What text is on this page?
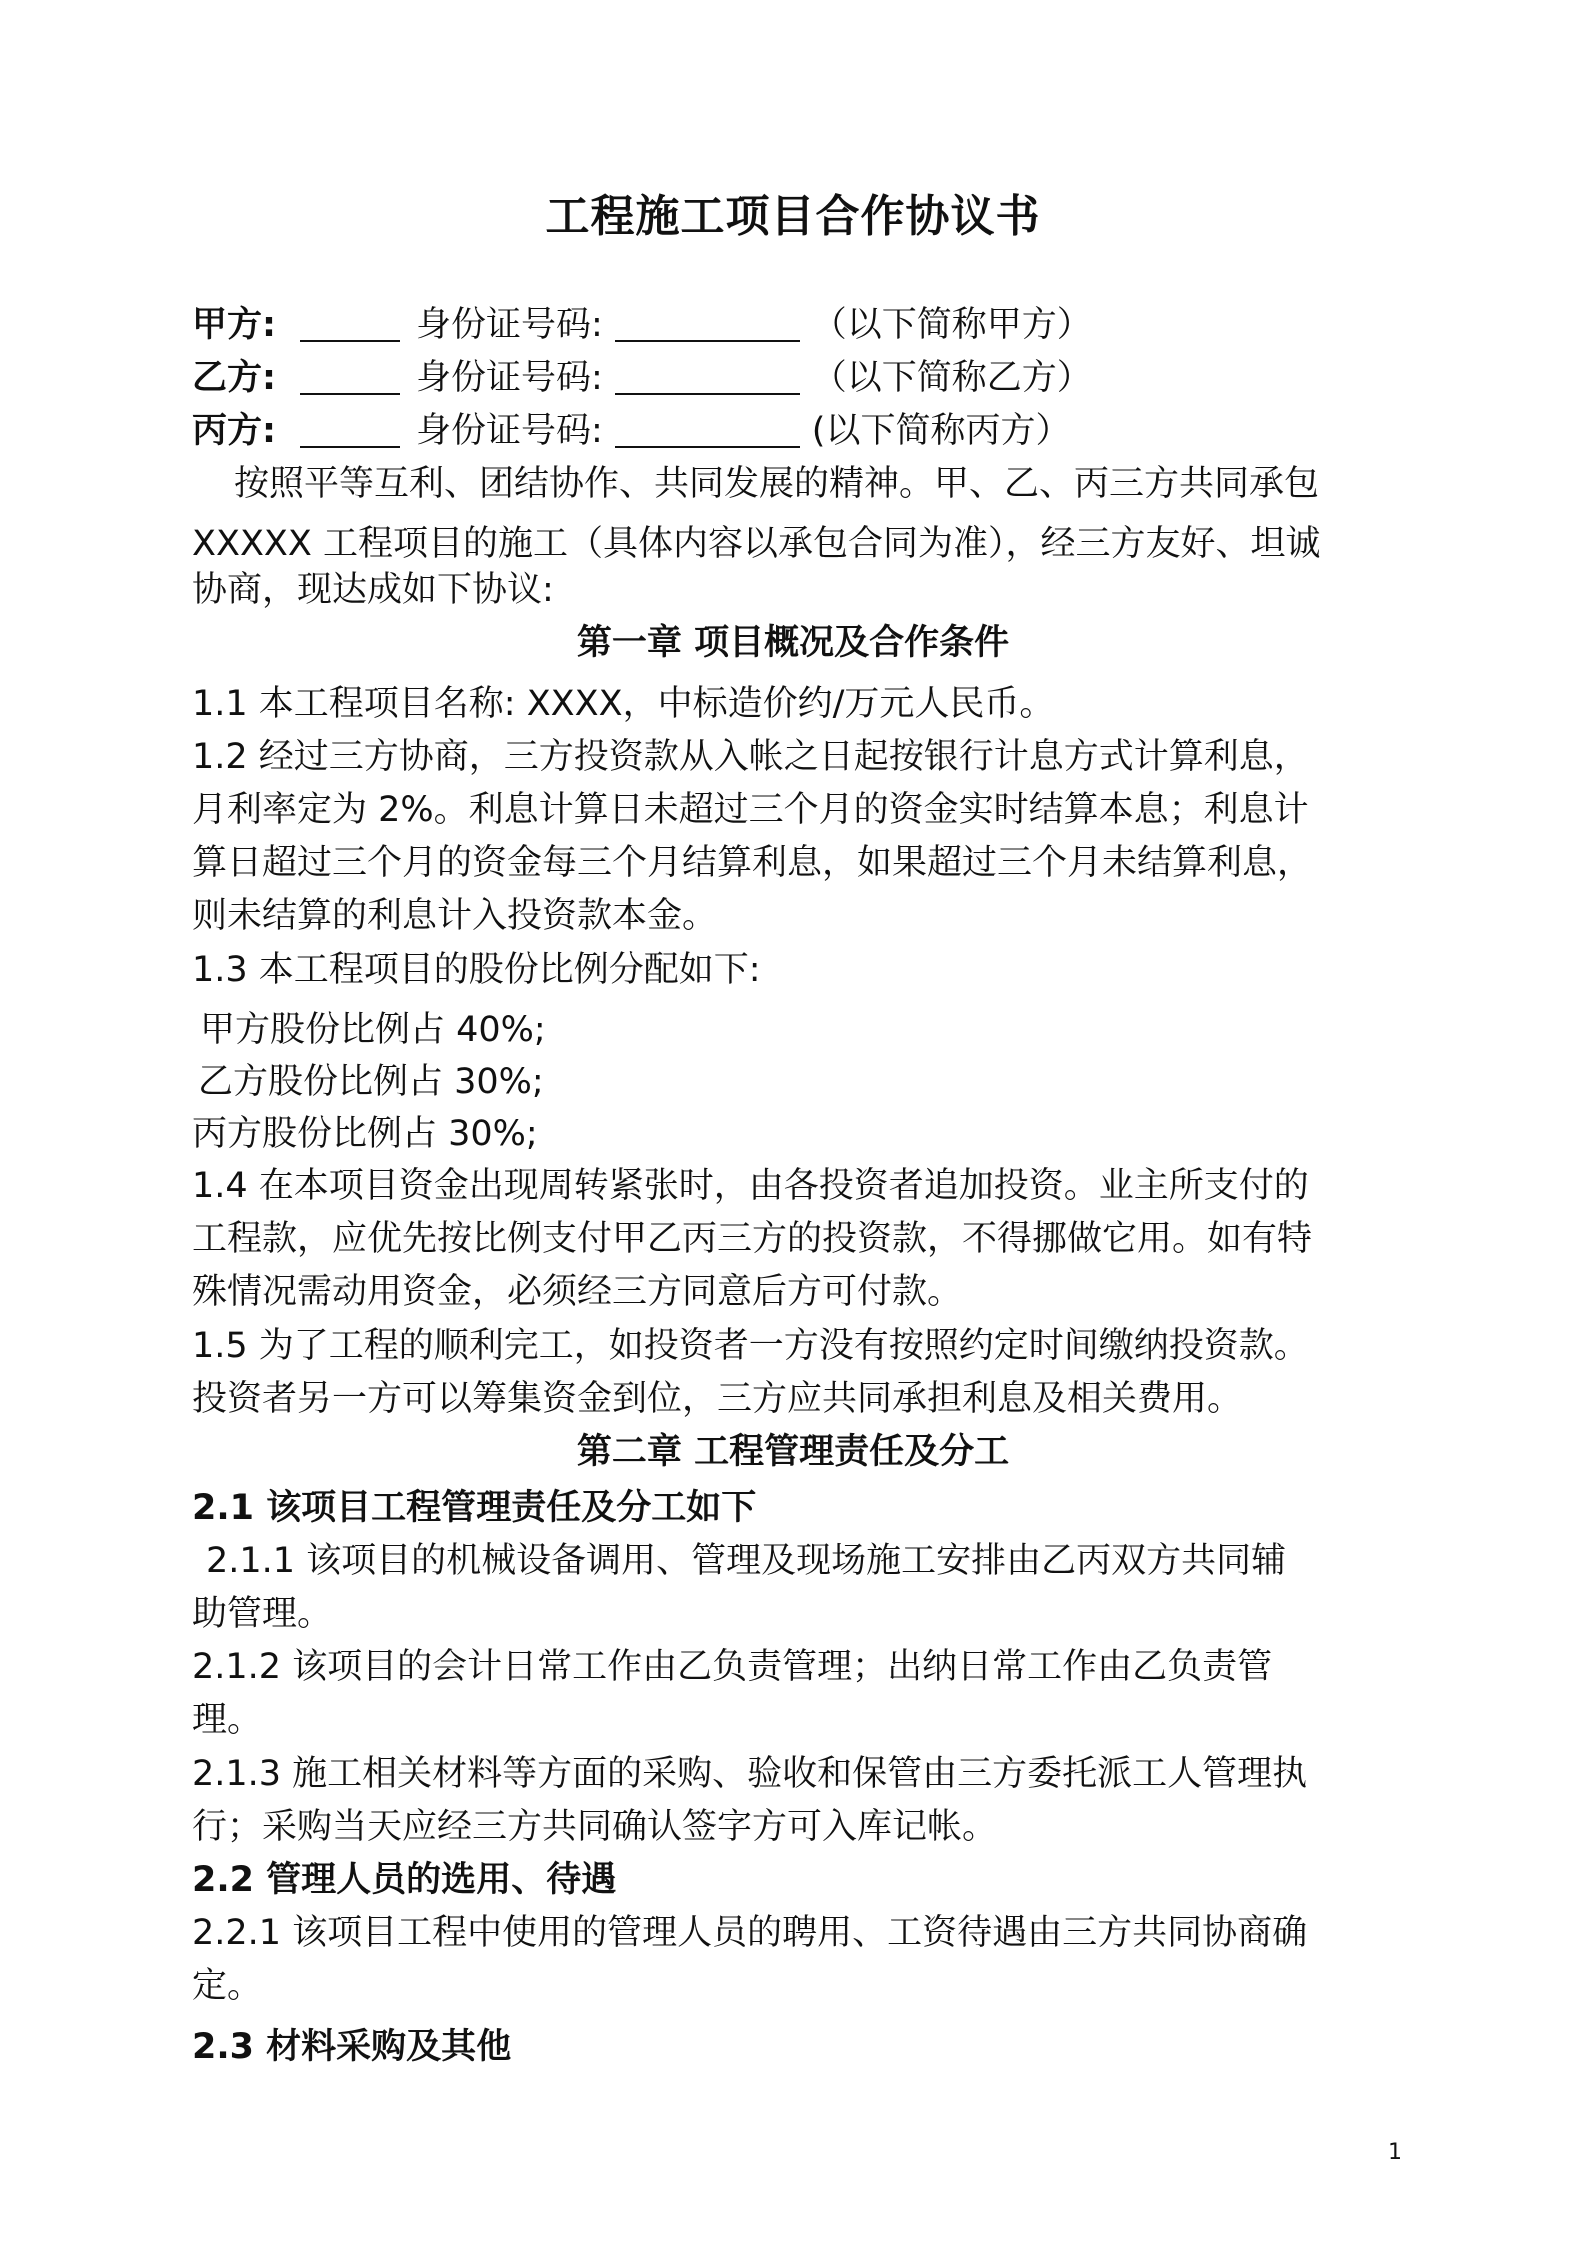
工程施工项目合作协议书
甲方:	身份证号码:	（以下简称甲方）
乙方:	身份证号码:	（以下简称乙方）
丙方:	身份证号码:	(以下简称丙方）
按照平等互利、团结协作、共同发展的精神。甲、乙、丙三方共同承包
XXXXX 工程项目的施工（具体内容以承包合同为准），经三方友好、坦诚
协商，现达成如下协议:
第一章 项目概况及合作条件
1.1 本工程项目名称: XXXX，中标造价约/万元人民币。
1.2 经过三方协商，三方投资款从入帐之日起按银行计息方式计算利息，
月利率定为 2%。利息计算日未超过三个月的资金实时结算本息；利息计
算日超过三个月的资金每三个月结算利息，如果超过三个月未结算利息，
则未结算的利息计入投资款本金。
1.3 本工程项目的股份比例分配如下:
甲方股份比例占 40%;
乙方股份比例占 30%;
丙方股份比例占 30%;
1.4 在本项目资金出现周转紧张时，由各投资者追加投资。业主所支付的
工程款，应优先按比例支付甲乙丙三方的投资款，不得挪做它用。如有特
殊情况需动用资金，必须经三方同意后方可付款。
1.5 为了工程的顺利完工，如投资者一方没有按照约定时间缴纳投资款。
投资者另一方可以筹集资金到位，三方应共同承担利息及相关费用。
第二章 工程管理责任及分工
2.1 该项目工程管理责任及分工如下
2.1.1 该项目的机械设备调用、管理及现场施工安排由乙丙双方共同辅
助管理。
2.1.2 该项目的会计日常工作由乙负责管理；出纳日常工作由乙负责管
理。
2.1.3 施工相关材料等方面的采购、验收和保管由三方委托派工人管理执
行；采购当天应经三方共同确认签字方可入库记帐。
2.2 管理人员的选用、待遇
2.2.1 该项目工程中使用的管理人员的聘用、工资待遇由三方共同协商确
定。
2.3 材料采购及其他
1
